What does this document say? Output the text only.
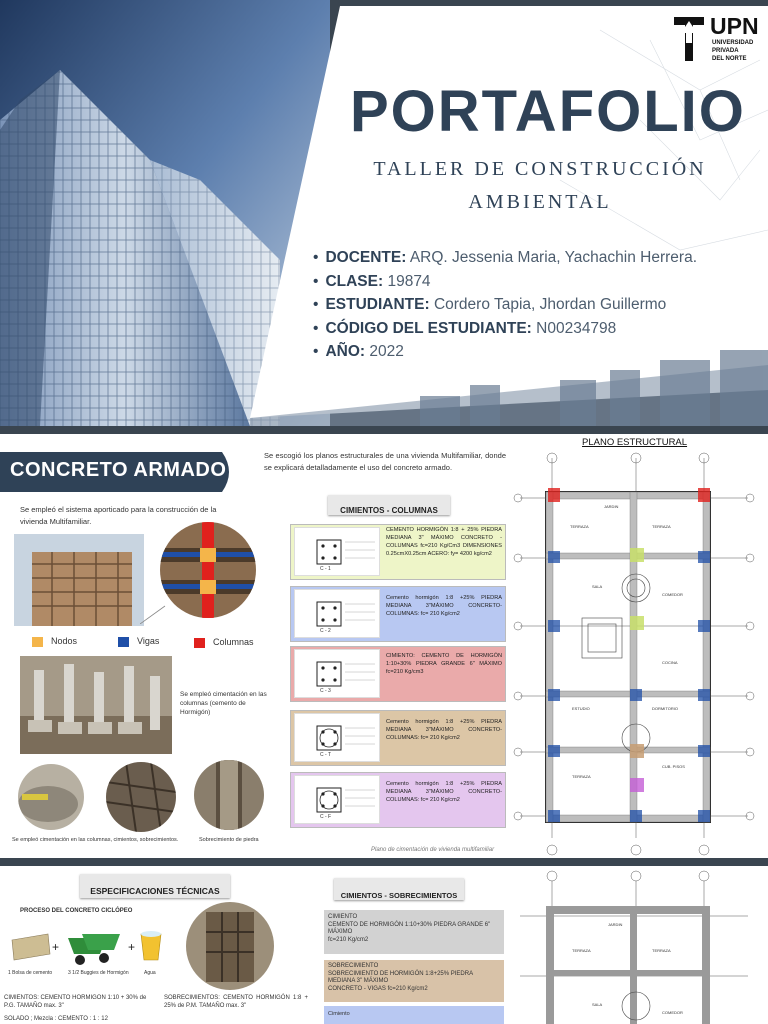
UPN
UNIVERSIDAD
PRIVADA
DEL NORTE
PORTAFOLIO
TALLER DE CONSTRUCCIÓN
AMBIENTAL
• DOCENTE: ARQ. Jessenia Maria, Yachachin Herrera.
• CLASE: 19874
• ESTUDIANTE: Cordero Tapia, Jhordan Guillermo
• CÓDIGO DEL ESTUDIANTE: N00234798
• AÑO: 2022
CONCRETO ARMADO
Se escogió los planos estructurales de una vivienda Multifamiliar, donde se explicará detalladamente el uso del concreto armado.
Se empleó el sistema aporticado para la construcción de la vivienda Multifamiliar.
Nodos	Vigas	Columnas
Se empleó cimentación en las columnas (cemento de Hormigón)
Se empleó cimentación en las columnas, cimientos, sobrecimientos.	Sobrecimiento de piedra
CIMIENTOS - COLUMNAS
PLANO ESTRUCTURAL
TERRAZA	TERRAZA
JARDIN
SALA
COMEDOR
COCINA
ESTUDIO	DORMITORIO
TERRAZA
CUB. PISOS
Plano de cimentación de vivienda multifamiliar
ESPECIFICACIONES TÉCNICAS
PROCESO DEL CONCRETO CICLÓPEO
+	+
1 Bolsa de cemento	3 1/2 Buggies de Hormigón	Agua
CIMIENTOS: CEMENTO HORMIGON 1:10 + 30% de P.G. TAMAÑO max. 3"
SOBRECIMIENTOS: CEMENTO HORMIGÓN 1:8 + 25% de P.M. TAMAÑO max. 3"
SOLADO ; Mezcla : CEMENTO : 1 : 12
CIMIENTOS - SOBRECIMIENTOS
CIMIENTO
CEMENTO DE HORMIGÓN 1:10+30% PIEDRA GRANDE 6" MÁXIMO
fc=210 Kg/cm2
SOBRECIMIENTO
SOBRECIMIENTO DE HORMIGÓN 1:8+25% PIEDRA MEDIANA 3" MÁXIMO
CONCRETO - VIGAS fc=210 Kg/cm2
Cimiento
JARDIN
TERRAZA	TERRAZA
SALA
COMEDOR
C - 1
CEMENTO HORMIGÓN 1:8 + 25% PIEDRA MEDIANA 3" MÁXIMO CONCRETO - COLUMNAS fc=210 Kg/Cm3 DIMENSIONES 0.25cmX0.25cm ACERO: fy= 4200 kg/cm2
C - 2
Cemento hormigón 1:8 +25% PIEDRA MEDIANA 3"MÁXIMO CONCRETO-COLUMNAS: fc= 210 Kg/cm2
C - 3
CIMIENTO: CEMENTO DE HORMIGÓN 1:10+30% PIEDRA GRANDE 6" MÁXIMO fc=210 Kg/cm3
C - T
Cemento hormigón 1:8 +25% PIEDRA MEDIANA 3"MÁXIMO CONCRETO-COLUMNAS: fc= 210 Kg/cm2
C - F
Cemento hormigón 1:8 +25% PIEDRA MEDIANA 3"MÁXIMO CONCRETO-COLUMNAS: fc= 210 Kg/cm2
